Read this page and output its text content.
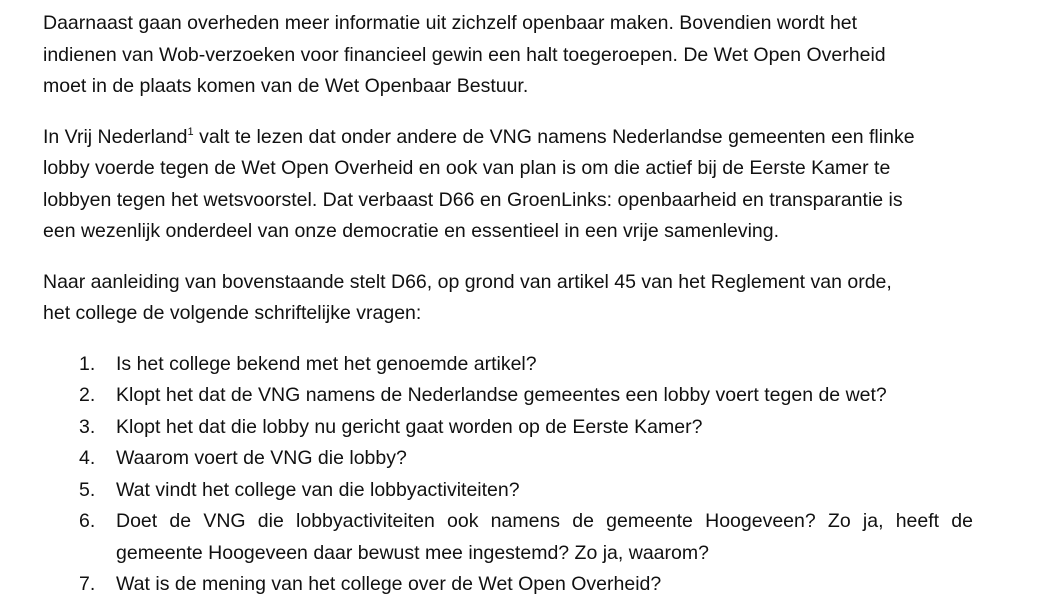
Daarnaast gaan overheden meer informatie uit zichzelf openbaar maken. Bovendien wordt het
indienen van Wob-verzoeken voor financieel gewin een halt toegeroepen. De Wet Open Overheid
moet in de plaats komen van de Wet Openbaar Bestuur.

In Vrij Nederland$^1$ valt te lezen dat onder andere de VNG namens Nederlandse gemeenten een flinke
lobby voerde tegen de Wet Open Overheid en ook van plan is om die actief bij de Eerste Kamer te
lobbyen tegen het wetsvoorstel. Dat verbaast D66 en GroenLinks: openbaarheid en transparantie is
een wezenlijk onderdeel van onze democratie en essentieel in een vrije samenleving.

Naar aanleiding van bovenstaande stelt D66, op grond van artikel 45 van het Reglement van orde,
het college de volgende schriftelijke vragen:

1. Is het college bekend met het genoemde artikel?
2. Klopt het dat de VNG namens de Nederlandse gemeentes een lobby voert tegen de wet?
3. Klopt het dat die lobby nu gericht gaat worden op de Eerste Kamer?
4. Waarom voert de VNG die lobby?
5. Wat vindt het college van die lobbyactiviteiten?
6. Doet de VNG die lobbyactiviteiten ook namens de gemeente Hoogeveen? Zo ja, heeft de
gemeente Hoogeveen daar bewust mee ingestemd? Zo ja, waarom?
7. Wat is de mening van het college over de Wet Open Overheid?
